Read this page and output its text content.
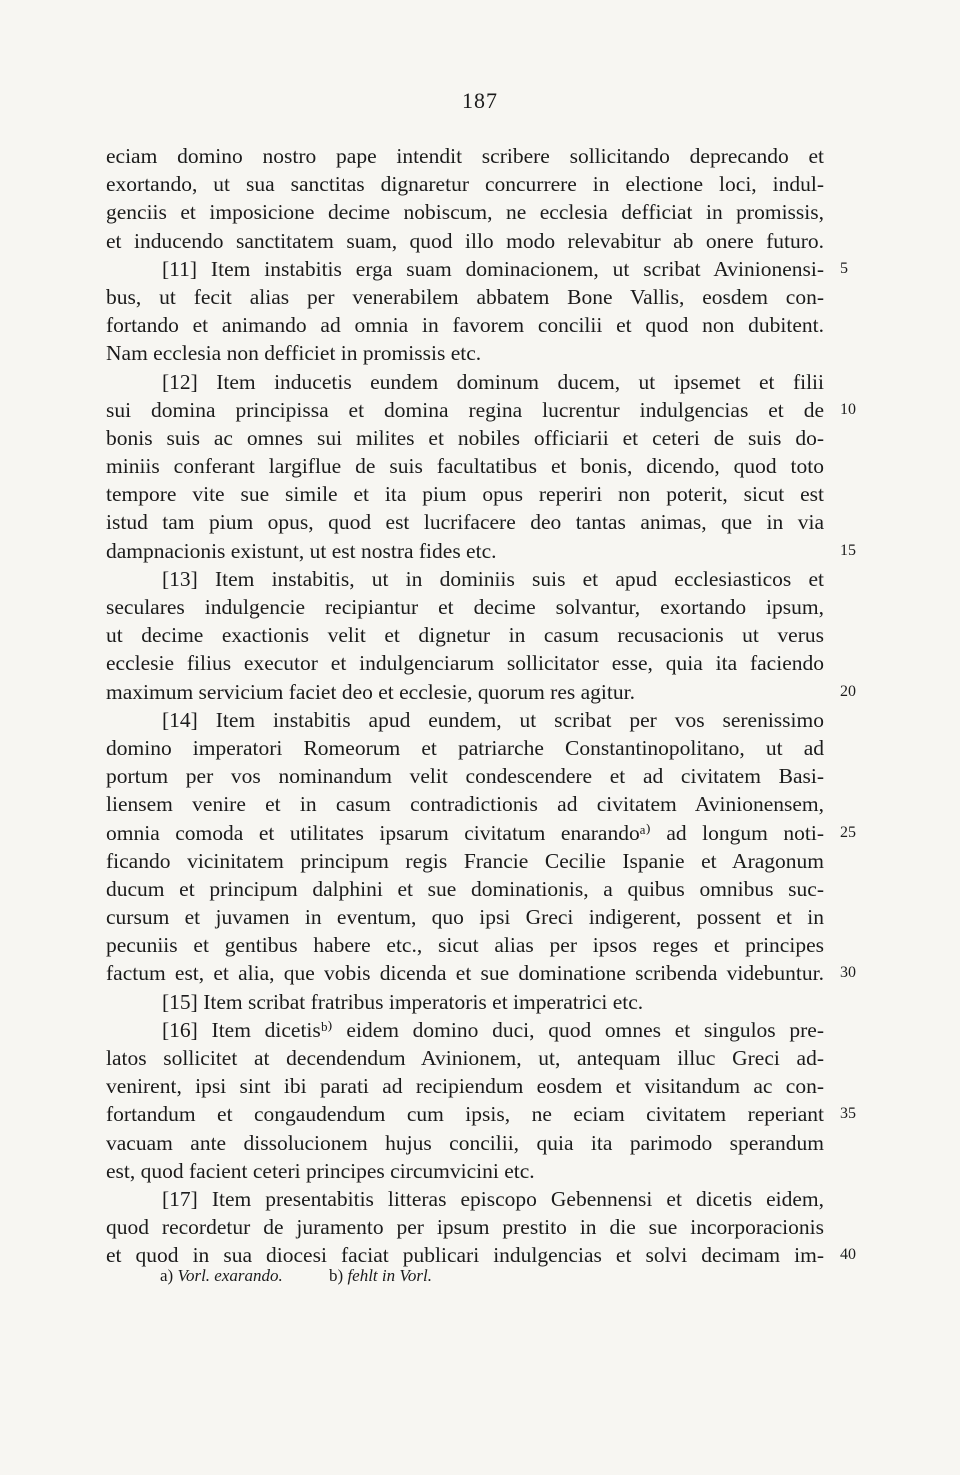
187
eciam domino nostro pape intendit scribere sollicitando deprecando et
exortando, ut sua sanctitas dignaretur concurrere in electione loci, indul-
genciis et imposicione decime nobiscum, ne ecclesia defficiat in promissis,
et inducendo sanctitatem suam, quod illo modo relevabitur ab onere futuro.
[11] Item instabitis erga suam dominacionem, ut scribat Avinionensi- 5
bus, ut fecit alias per venerabilem abbatem Bone Vallis, eosdem con-
fortando et animando ad omnia in favorem concilii et quod non dubitent.
Nam ecclesia non defficiet in promissis etc.
[12] Item inducetis eundem dominum ducem, ut ipsemet et filii
sui domina principissa et domina regina lucrentur indulgencias et de 10
bonis suis ac omnes sui milites et nobiles officiarii et ceteri de suis do-
miniis conferant largiflue de suis facultatibus et bonis, dicendo, quod toto
tempore vite sue simile et ita pium opus reperiri non poterit, sicut est
istud tam pium opus, quod est lucrifacere deo tantas animas, que in via
dampnacionis existunt, ut est nostra fides etc.	15
[13] Item instabitis, ut in dominiis suis et apud ecclesiasticos et
seculares indulgencie recipiantur et decime solvantur, exortando ipsum,
ut decime exactionis velit et dignetur in casum recusacionis ut verus
ecclesie filius executor et indulgenciarum sollicitator esse, quia ita faciendo
maximum servicium faciet deo et ecclesie, quorum res agitur.	20
[14] Item instabitis apud eundem, ut scribat per vos serenissimo
domino imperatori Romeorum et patriarche Constantinopolitano, ut ad
portum per vos nominandum velit condescendere et ad civitatem Basi-
liensem venire et in casum contradictionis ad civitatem Avinionensem,
omnia comoda et utilitates ipsarum civitatum enarandoᵃ⁾ ad longum noti- 25
ficando vicinitatem principum regis Francie Cecilie Ispanie et Aragonum
ducum et principum dalphini et sue dominationis, a quibus omnibus suc-
cursum et juvamen in eventum, quo ipsi Greci indigerent, possent et in
pecuniis et gentibus habere etc., sicut alias per ipsos reges et principes
factum est, et alia, que vobis dicenda et sue dominatione scribenda videbuntur. 30
[15] Item scribat fratribus imperatoris et imperatrici etc.
[16] Item dicetisᵇ⁾ eidem domino duci, quod omnes et singulos pre-
latos sollicitet at decendendum Avinionem, ut, antequam illuc Greci ad-
venirent, ipsi sint ibi parati ad recipiendum eosdem et visitandum ac con-
fortandum et congaudendum cum ipsis, ne eciam civitatem reperiant 35
vacuam ante dissolucionem hujus concilii, quia ita parimodo sperandum
est, quod facient ceteri principes circumvicini etc.
[17] Item presentabitis litteras episcopo Gebennensi et dicetis eidem,
quod recordetur de juramento per ipsum prestito in die sue incorporacionis
et quod in sua diocesi faciat publicari indulgencias et solvi decimam im- 40
a) Vorl. exarando.	b) fehlt in Vorl.
